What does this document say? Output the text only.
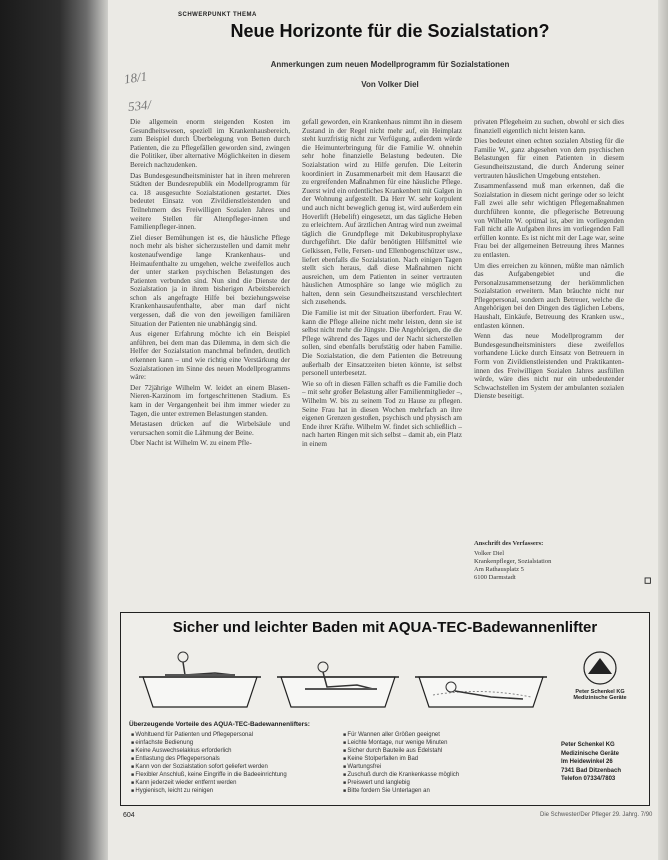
SCHWERPUNKT THEMA
Neue Horizonte für die Sozialstation?
Anmerkungen zum neuen Modellprogramm für Sozialstationen
Von Volker Diel
18/1
534/

Die allgemein enorm steigenden Kosten im Gesundheitswesen, speziell im Krankenhausbereich, zum Beispiel durch Überbelegung von Betten durch Patienten, die zu Pflegefällen geworden sind, zwingen die Politiker, über alternative Möglichkeiten in diesem Bereich nachzudenken.

Das Bundesgesundheitsminister hat in ihren mehreren Städten der Bundesrepublik ein Modellprogramm für ca. 18 ausgesuchte Sozialstationen gestartet. Dies bedeutet Einsatz von Zivildienstleistenden und Teilnehmern des Freiwilligen Sozialen Jahres und weitere Stellen für Altenpfleger-innen und Familienpfleger-innen.

Ziel dieser Bemühungen ist es, die häusliche Pflege noch mehr als bisher sicherzustellen und damit mehr kostenaufwendige lange Krankenhaus- und Heimaufenthalte zu umgehen, welche zweifellos auch der unter starken psychischen Belastungen des Patienten verbunden sind. Nun sind die Dienste der Sozialstation ja in ihrem bisherigen Arbeitsbereich schon als angefragte Hilfe bei beziehungsweise Krankenhausaufenthalte, aber man darf nicht vergessen, daß die von den jeweiligen familiären Situation der Patienten nie unabhängig sind.

Aus eigener Erfahrung möchte ich ein Beispiel anführen, bei dem man das Dilemma, in dem sich die Helfer der Sozialstation manchmal befinden, deutlich erkennen kann – und wie richtig eine Verstärkung der Sozialstationen im Sinne des neuen Modellprogramms wäre:

Der 72jährige Wilhelm W. leidet an einem Blasen-Nieren-Karzinom im fortgeschrittenen Stadium. Es kam in der Vergangenheit bei ihm immer wieder zu Tagen, die unter extremen Belastungen standen.

Metastasen drücken auf die Wirbelsäule und verursachen somit die Lähmung der Beine.

Über Nacht ist Wilhelm W. zu einem Pfle-

gefall geworden, ein Krankenhaus nimmt ihn in diesem Zustand in der Regel nicht mehr auf, ein Heimplatz steht kurzfristig nicht zur Verfügung, außerdem würde die Heimunterbringung für die Familie W. ohnehin sehr hohe finanzielle Belastung bedeuten. Die Sozialstation wird zu Hilfe gerufen. Die Leiterin koordiniert in Zusammenarbeit mit dem Hausarzt die zu ergreifenden Maßnahmen für eine häusliche Pflege. Zuerst wird ein ordentliches Krankenbett mit Galgen in der Wohnung aufgestellt. Da Herr W. sehr korpulent und auch nicht beweglich genug ist, wird außerdem ein Hoverlift (Hebelift) eingesetzt, um das tägliche Heben zu erleichtern. Auf ärztlichen Antrag wird nun zweimal täglich die Grundpflege mit Dekubitusprophylaxe durchgeführt. Die dafür benötigten Hilfsmittel wie Gelkissen, Felle, Fersen- und Ellenbogenschützer usw., liefert ebenfalls die Sozialstation. Nach einigen Tagen stellt sich heraus, daß diese Maßnahmen nicht ausreichen, um dem Patienten in seiner vertrauten häuslichen Atmosphäre so lange wie möglich zu halten, denn sein Gesundheitszustand verschlechtert sich zusehends.

Die Familie ist mit der Situation überfordert. Frau W. kann die Pflege alleine nicht mehr leisten, denn sie ist selbst nicht mehr die Jüngste. Die Angehörigen, die die Pflege während des Tages und der Nacht sicherstellen sollen, sind ebenfalls berufstätig oder haben Familie. Die Sozialstation, die dem Patienten die Betreuung außerhalb der Einsatzzeiten bieten könnte, ist selbst personell unterbesetzt.

Wie so oft in diesen Fällen schafft es die Familie doch – mit sehr großer Belastung aller Familienmitglieder –, Wilhelm W. bis zu seinem Tod zu Hause zu pflegen. Seine Frau hat in diesen Wochen mehrfach an ihre eigenen Grenzen gestoßen, psychisch und physisch am Ende ihrer Kräfte. Wilhelm W. findet sich schließlich – nach harten Ringen mit sich selbst – damit ab, ein Platz in einem

privaten Pflegeheim zu suchen, obwohl er sich dies finanziell eigentlich nicht leisten kann.

Dies bedeutet einen echten sozialen Abstieg für die Familie W., ganz abgesehen von dem psychischen Belastungen für einen Patienten in diesem Gesundheitszustand, die durch Änderung seiner vertrauten häuslichen Umgebung entstehen.

Zusammenfassend muß man erkennen, daß die Sozialstation in diesem nicht geringe oder so leicht Fall zwei alle sehr wichtigen Pflegemaßnahmen durchführen konnte, die pflegerische Betreuung von Wilhelm W. optimal ist, aber im vorliegenden Fall nicht alle Aufgaben ihres im vorliegenden Fall erfüllen konnte. Es ist nicht mit der Lage war, seine Frau bei der allgemeinen Betreuung ihres Mannes zu entlasten.

Um dies erreichen zu können, müßte man nämlich das Aufgabengebiet und die Personalzusammensetzung der herkömmlichen Sozialstation erweitern. Man bräuchte nicht nur Pflegepersonal, sondern auch Betreuer, welche die Angehörigen bei den Dingen des täglichen Lebens, Haushalt, Einkäufe, Betreuung des Kranken usw., entlasten können.

Wenn das neue Modellprogramm der Bundesgesundheitsministers diese zweifellos vorhandene Lücke durch Einsatz von Betreuern in Form von Zivildienstleistenden und Praktikanten-innen des Freiwilligen Sozialen Jahres ausfüllen würde, wäre dies nicht nur ein unbedeutender Schwachstellen im System der ambulanten sozialen Dienste beseitigt.

Anschrift des Verfassers:
Volker Diel
Krankenpfleger, Sozialstation
Am Rathausplatz 5
6100 Darmstadt	◻
Sicher und leichter Baden mit AQUA-TEC-Badewannenlifter
Peter Schenkel KG
Medizinische Geräte
Überzeugende Vorteile des AQUA-TEC-Badewannenlifters:
■ Wohltuend für Patienten und Pflegepersonal
■ einfachste Bedienung
■ Keine Auswechselakkus erforderlich
■ Entlastung des Pflegepersonals
■ Kann von der Sozialstation sofort geliefert werden
■ Flexibler Anschluß, keine Eingriffe in die Badeeinrichtung
■ Kann jederzeit wieder entfernt werden
■ Hygienisch, leicht zu reinigen
■ Für Wannen aller Größen geeignet
■ Leichte Montage, nur wenige Minuten
■ Sicher durch Bauteile aus Edelstahl
■ Keine Stolperfallen im Bad
■ Wartungsfrei
■ Zuschuß durch die Krankenkasse möglich
■ Preiswert und langlebig
■ Bitte fordern Sie Unterlagen an
Peter Schenkel KG
Medizinische Geräte
Im Heidewinkel 26
7341 Bad Ditzenbach
Telefon 07334/7803
604	Die Schwester/Der Pfleger 29. Jahrg. 7/90
